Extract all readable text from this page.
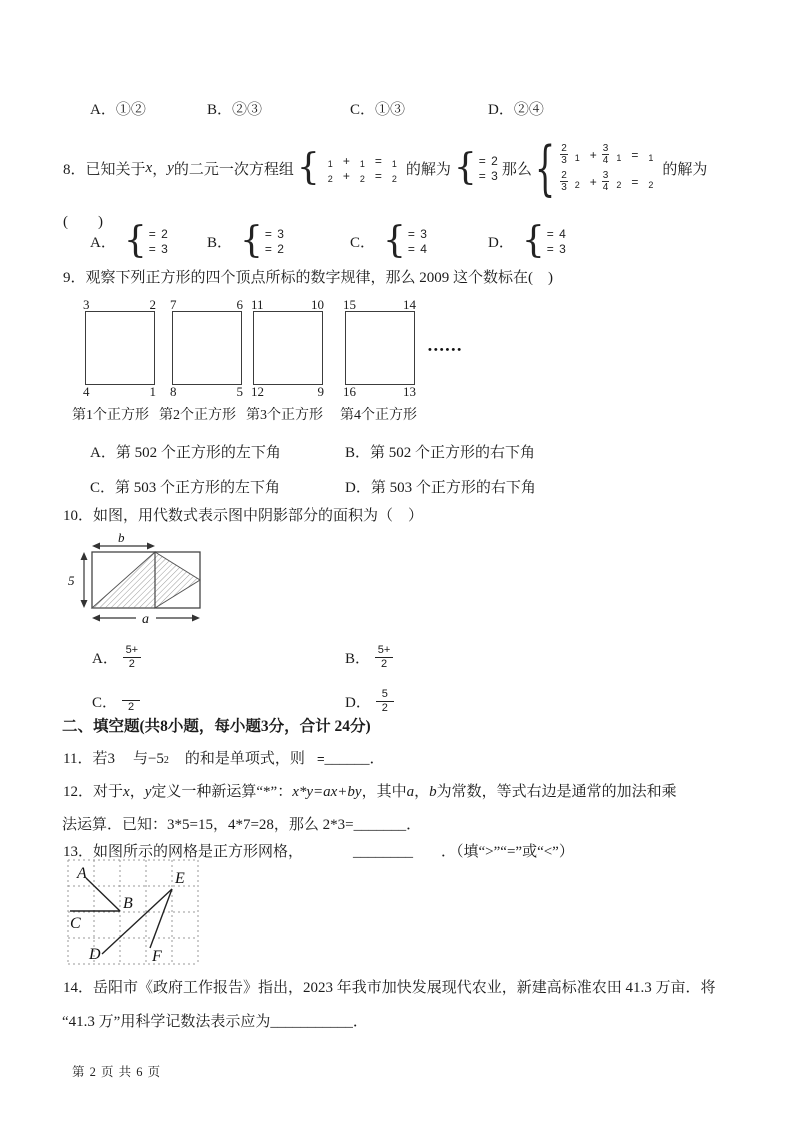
A．①②	B．②③	C．①③	D．②④
8．已知关于 x ， y 的二元一次方程组 { 1 + 1 = 1
2 + 2 = 2
的解为 { = 2
= 3 那么 { 2
3 $1 + \frac{3}{4} 1 = 1$
2
3 $2 + \frac{3}{4} 2 = 2$
的解为
(　　)
A． { = 2
= 3	B． { = 3
= 2	C． { = 3
= 4	D． { = 4
= 3
9．观察下列正方形的四个顶点所标的数字规律，那么 2009 这个数标在(　)
3	2
4	1
7	6
8	5
11	10
12	9
15	14
16	13
••••••
第1个正方形 第2个正方形 第3个正方形 第4个正方形
A．第 502 个正方形的左下角	B．第 502 个正方形的右下角
C．第 503 个正方形的左下角	D．第 503 个正方形的右下角
10．如图，用代数式表示图中阴影部分的面积为（　）
b
5
a
A． $\frac{5+}{2}$	B． $\frac{5+}{2}$
C． 2	D． $\frac{5}{2}$
二、填空题(共8小题，每小题3分，合计 24分)
11．若3 与−5 2 的和是单项式，则 = ______ ．
12．对于 x ， y 定义一种新运算“*”： x*y=ax+by ，其中 a ， b 为常数，等式右边是通常的加法和乘
法运算．已知：3*5=15，4*7=28，那么 2*3= _______ ．
13．如图所示的网格是正方形网格，	________ ．（填“>”“=”或“<”）
A
B
C
D
E
F
14．岳阳市《政府工作报告》指出，2023 年我市加快发展现代农业，新建高标准农田 41.3 万亩．将
“41.3 万”用科学记数法表示应为 ___________ ．
第 2 页 共 6 页
